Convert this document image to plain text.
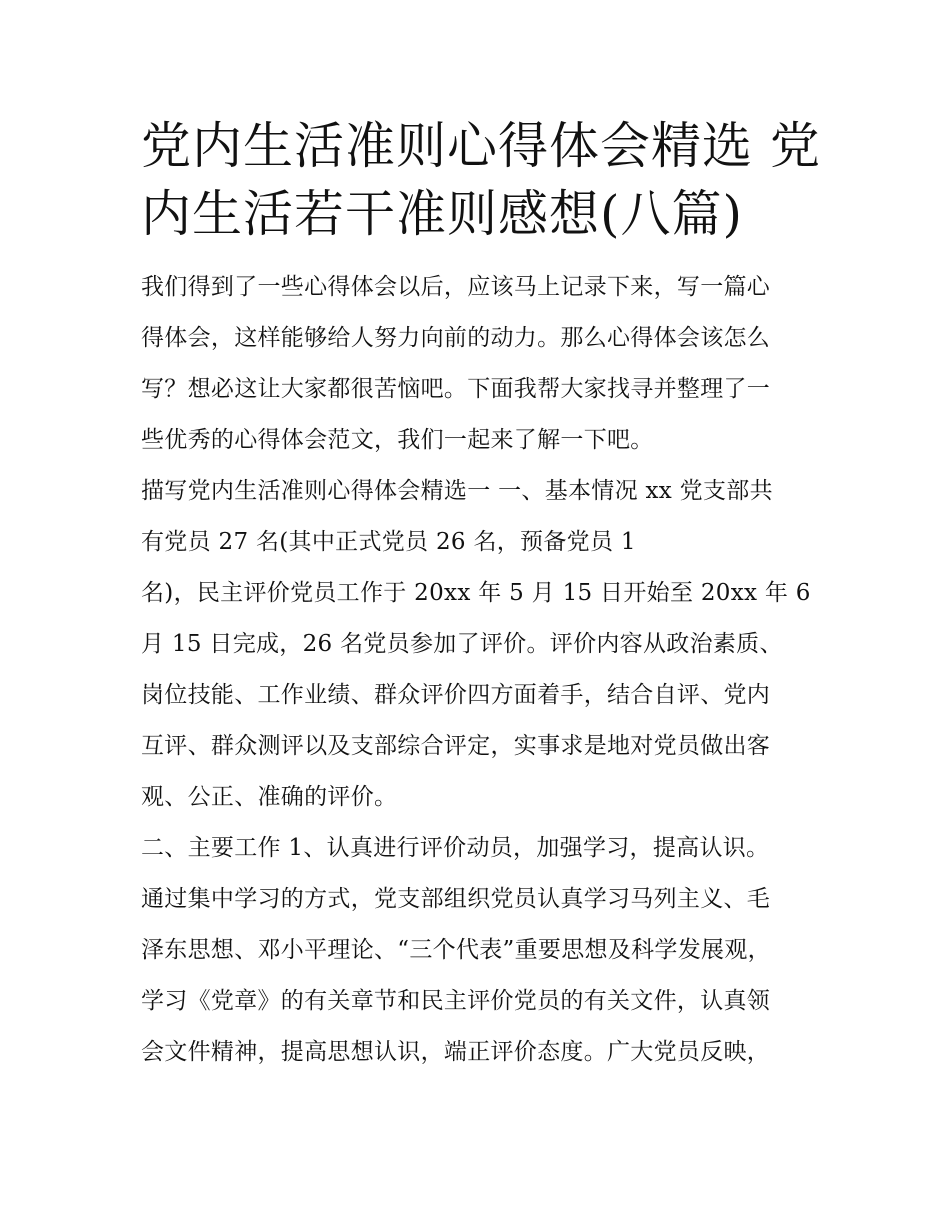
党内生活准则心得体会精选 党
内生活若干准则感想(八篇)
我们得到了一些心得体会以后，应该马上记录下来，写一篇心
得体会，这样能够给人努力向前的动力。那么心得体会该怎么
写？想必这让大家都很苦恼吧。下面我帮大家找寻并整理了一
些优秀的心得体会范文，我们一起来了解一下吧。
描写党内生活准则心得体会精选一 一、基本情况 xx 党支部共
有党员 27 名(其中正式党员 26 名，预备党员 1
名)，民主评价党员工作于 20xx 年 5 月 15 日开始至 20xx 年 6
月 15 日完成，26 名党员参加了评价。评价内容从政治素质、
岗位技能、工作业绩、群众评价四方面着手，结合自评、党内
互评、群众测评以及支部综合评定，实事求是地对党员做出客
观、公正、准确的评价。
二、主要工作 1、认真进行评价动员，加强学习，提高认识。
通过集中学习的方式，党支部组织党员认真学习马列主义、毛
泽东思想、邓小平理论、“三个代表”重要思想及科学发展观，
学习《党章》的有关章节和民主评价党员的有关文件，认真领
会文件精神，提高思想认识，端正评价态度。广大党员反映，
